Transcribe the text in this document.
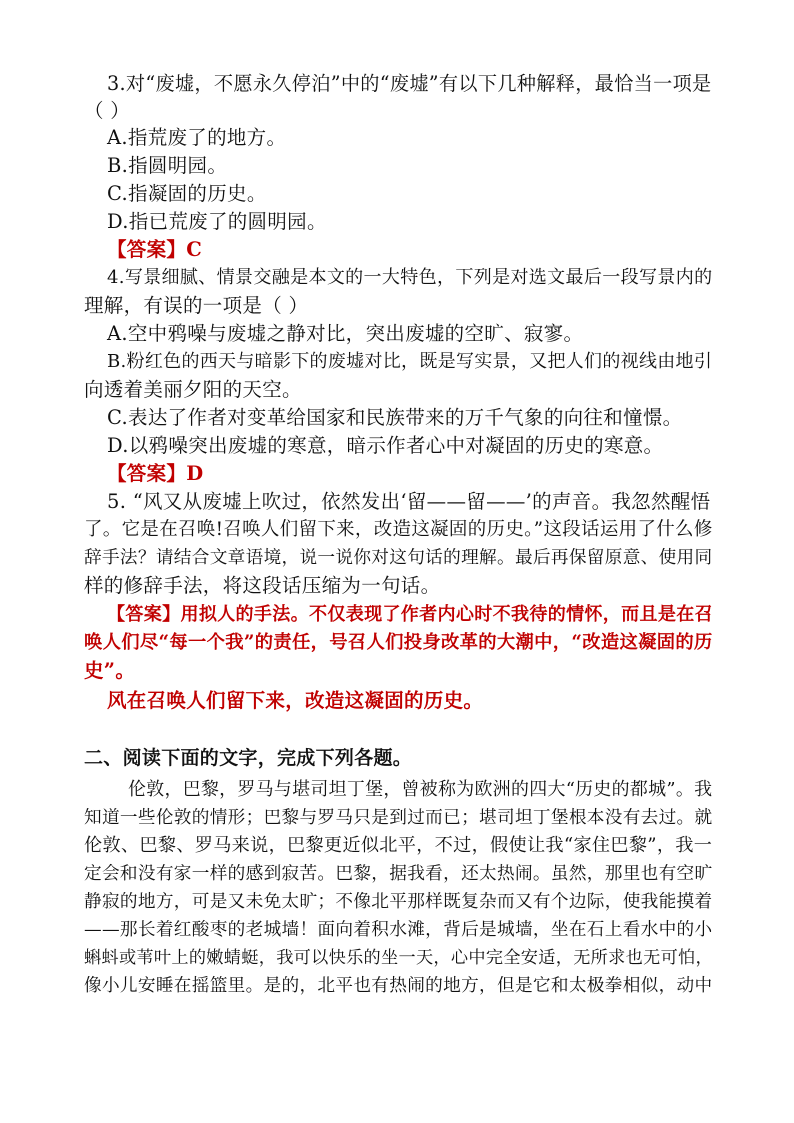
3.对“废墟，不愿永久停泊”中的“废墟”有以下几种解释，最恰当一项是

（ ）

A.指荒废了的地方。

B.指圆明园。

C.指凝固的历史。

D.指已荒废了的圆明园。

【答案】C

4.写景细腻、情景交融是本文的一大特色，下列是对选文最后一段写景内的

理解，有误的一项是（ ）

A.空中鸦噪与废墟之静对比，突出废墟的空旷、寂寥。

B.粉红色的西天与暗影下的废墟对比，既是写实景，又把人们的视线由地引

向透着美丽夕阳的天空。

C.表达了作者对变革给国家和民族带来的万千气象的向往和憧憬。

D.以鸦噪突出废墟的寒意，暗示作者心中对凝固的历史的寒意。

【答案】D

5. “风又从废墟上吹过，依然发出‘留——留——’的声音。我忽然醒悟

了。它是在召唤!召唤人们留下来，改造这凝固的历史。”这段话运用了什么修

辞手法？请结合文章语境，说一说你对这句话的理解。最后再保留原意、使用同

样的修辞手法，将这段话压缩为一句话。

【答案】用拟人的手法。不仅表现了作者内心时不我待的情怀，而且是在召

唤人们尽“每一个我”的责任，号召人们投身改革的大潮中，“改造这凝固的历

史”。

风在召唤人们留下来，改造这凝固的历史。

二、阅读下面的文字，完成下列各题。

伦敦，巴黎，罗马与堪司坦丁堡，曾被称为欧洲的四大“历史的都城”。我

知道一些伦敦的情形；巴黎与罗马只是到过而已；堪司坦丁堡根本没有去过。就

伦敦、巴黎、罗马来说，巴黎更近似北平，不过，假使让我“家住巴黎”，我一

定会和没有家一样的感到寂苦。巴黎，据我看，还太热闹。虽然，那里也有空旷

静寂的地方，可是又未免太旷；不像北平那样既复杂而又有个边际，使我能摸着

——那长着红酸枣的老城墙！面向着积水滩，背后是城墙，坐在石上看水中的小

蝌蚪或苇叶上的嫩蜻蜓，我可以快乐的坐一天，心中完全安适，无所求也无可怕，

像小儿安睡在摇篮里。是的，北平也有热闹的地方，但是它和太极拳相似，动中
